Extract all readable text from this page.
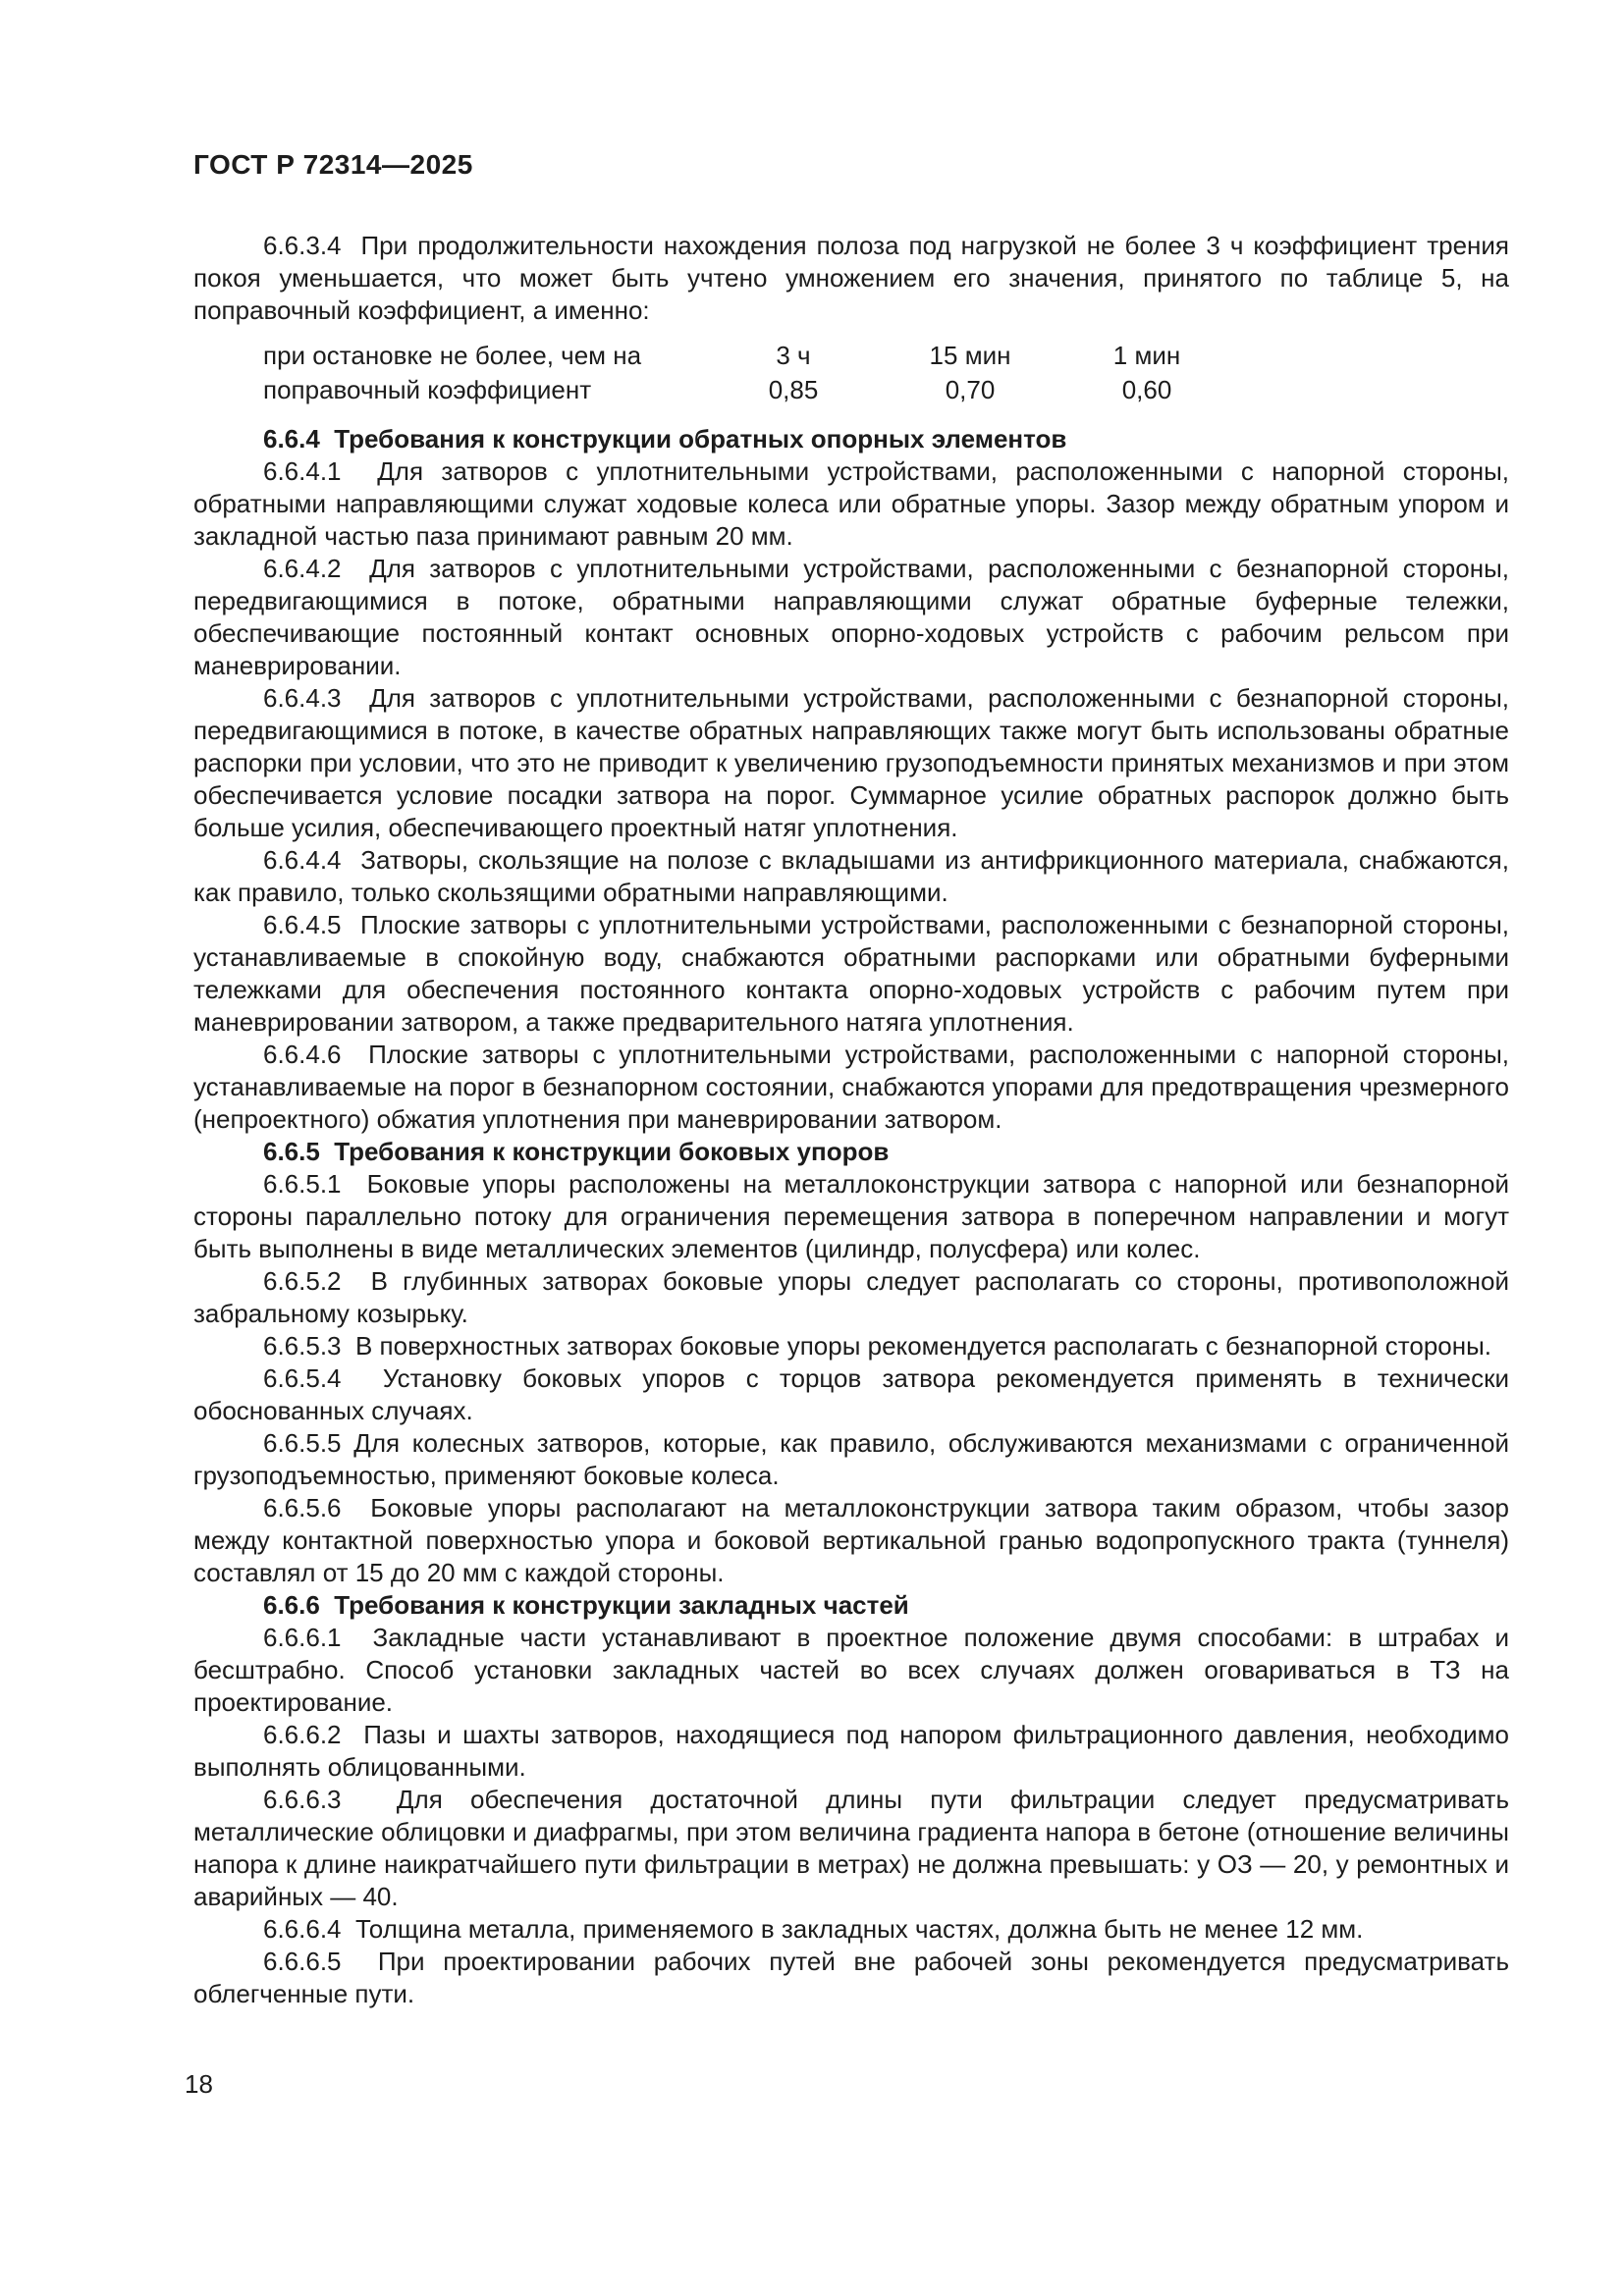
ГОСТ Р 72314—2025

6.6.3.4  При продолжительности нахождения полоза под нагрузкой не более 3 ч коэффициент трения покоя уменьшается, что может быть учтено умножением его значения, принятого по таблице 5, на поправочный коэффициент, а именно:

при остановке не более, чем на	3 ч	15 мин	1 мин
поправочный коэффициент	0,85	0,70	0,60
6.6.4  Требования к конструкции обратных опорных элементов

6.6.4.1  Для затворов с уплотнительными устройствами, расположенными с напорной стороны, обратными направляющими служат ходовые колеса или обратные упоры. Зазор между обратным упором и закладной частью паза принимают равным 20 мм.

6.6.4.2  Для затворов с уплотнительными устройствами, расположенными с безнапорной стороны, передвигающимися в потоке, обратными направляющими служат обратные буферные тележки, обеспечивающие постоянный контакт основных опорно-ходовых устройств с рабочим рельсом при маневрировании.

6.6.4.3  Для затворов с уплотнительными устройствами, расположенными с безнапорной стороны, передвигающимися в потоке, в качестве обратных направляющих также могут быть использованы обратные распорки при условии, что это не приводит к увеличению грузоподъемности принятых механизмов и при этом обеспечивается условие посадки затвора на порог. Суммарное усилие обратных распорок должно быть больше усилия, обеспечивающего проектный натяг уплотнения.

6.6.4.4  Затворы, скользящие на полозе с вкладышами из антифрикционного материала, снабжаются, как правило, только скользящими обратными направляющими.

6.6.4.5  Плоские затворы с уплотнительными устройствами, расположенными с безнапорной стороны, устанавливаемые в спокойную воду, снабжаются обратными распорками или обратными буферными тележками для обеспечения постоянного контакта опорно-ходовых устройств с рабочим путем при маневрировании затвором, а также предварительного натяга уплотнения.

6.6.4.6  Плоские затворы с уплотнительными устройствами, расположенными с напорной стороны, устанавливаемые на порог в безнапорном состоянии, снабжаются упорами для предотвращения чрезмерного (непроектного) обжатия уплотнения при маневрировании затвором.

6.6.5  Требования к конструкции боковых упоров

6.6.5.1  Боковые упоры расположены на металлоконструкции затвора с напорной или безнапорной стороны параллельно потоку для ограничения перемещения затвора в поперечном направлении и могут быть выполнены в виде металлических элементов (цилиндр, полусфера) или колес.

6.6.5.2  В глубинных затворах боковые упоры следует располагать со стороны, противоположной забральному козырьку.

6.6.5.3  В поверхностных затворах боковые упоры рекомендуется располагать с безнапорной стороны.

6.6.5.4  Установку боковых упоров с торцов затвора рекомендуется применять в технически обоснованных случаях.

6.6.5.5 Для колесных затворов, которые, как правило, обслуживаются механизмами с ограниченной грузоподъемностью, применяют боковые колеса.

6.6.5.6  Боковые упоры располагают на металлоконструкции затвора таким образом, чтобы зазор между контактной поверхностью упора и боковой вертикальной гранью водопропускного тракта (туннеля) составлял от 15 до 20 мм с каждой стороны.

6.6.6  Требования к конструкции закладных частей

6.6.6.1  Закладные части устанавливают в проектное положение двумя способами: в штрабах и бесштрабно. Способ установки закладных частей во всех случаях должен оговариваться в ТЗ на проектирование.

6.6.6.2  Пазы и шахты затворов, находящиеся под напором фильтрационного давления, необходимо выполнять облицованными.

6.6.6.3  Для обеспечения достаточной длины пути фильтрации следует предусматривать металлические облицовки и диафрагмы, при этом величина градиента напора в бетоне (отношение величины напора к длине наикратчайшего пути фильтрации в метрах) не должна превышать: у ОЗ — 20, у ремонтных и аварийных — 40.

6.6.6.4  Толщина металла, применяемого в закладных частях, должна быть не менее 12 мм.

6.6.6.5  При проектировании рабочих путей вне рабочей зоны рекомендуется предусматривать облегченные пути.

18
